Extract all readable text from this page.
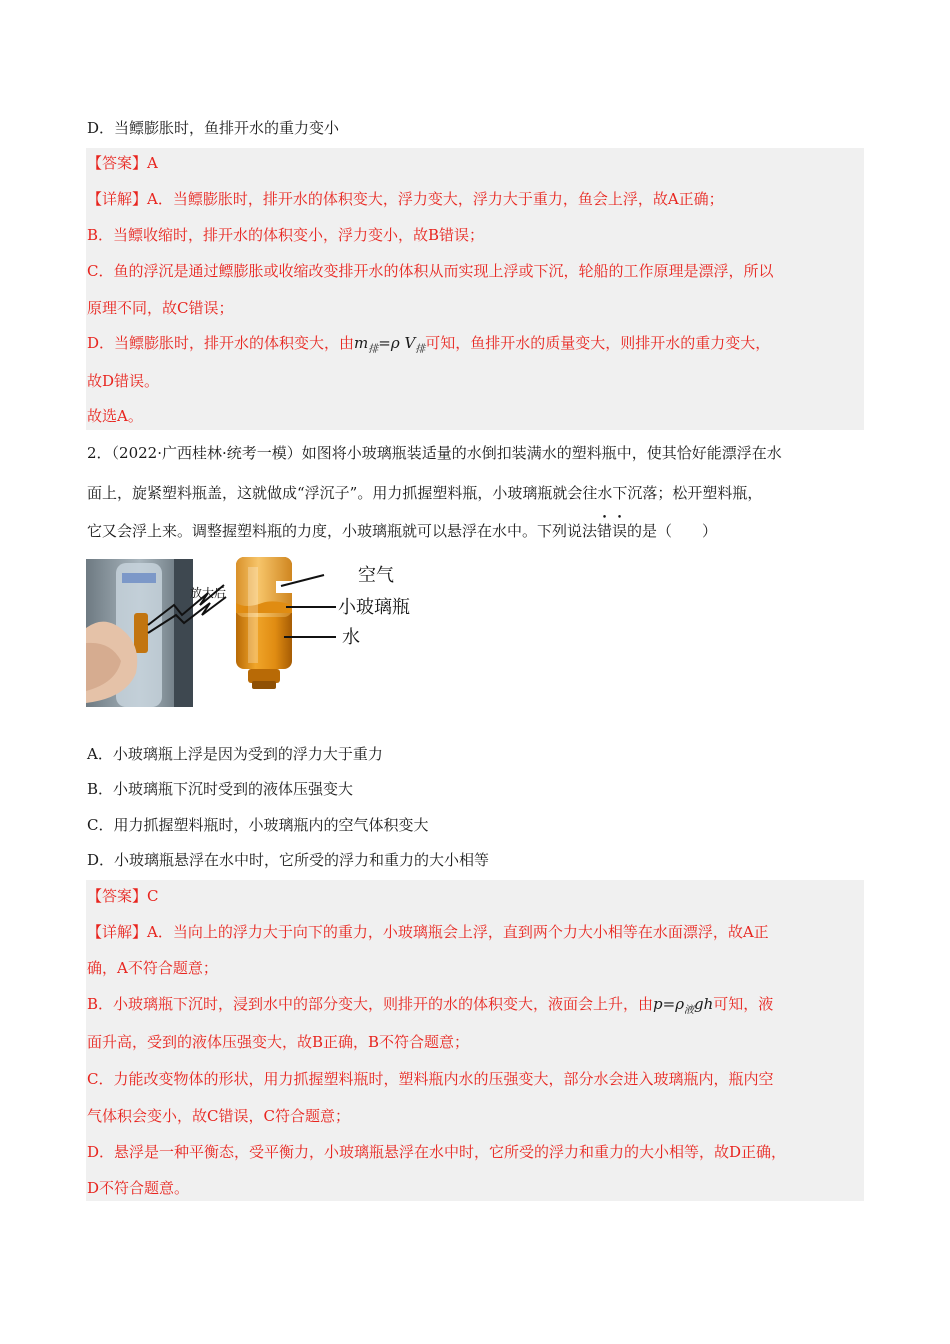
D．当鳔膨胀时，鱼排开水的重力变小
【答案】A
【详解】A．当鳔膨胀时，排开水的体积变大，浮力变大，浮力大于重力，鱼会上浮，故A正确；
B．当鳔收缩时，排开水的体积变小，浮力变小，故B错误；
C．鱼的浮沉是通过鳔膨胀或收缩改变排开水的体积从而实现上浮或下沉，轮船的工作原理是漂浮，所以
原理不同，故C错误；
D．当鳔膨胀时，排开水的体积变大，由$m_排=\rho$ $V_排$可知，鱼排开水的质量变大，则排开水的重力变大，
故D错误。
故选A。
2．（2022·广西桂林·统考一模）如图将小玻璃瓶装适量的水倒扣装满水的塑料瓶中，使其恰好能漂浮在水
面上，旋紧塑料瓶盖，这就做成“浮沉子”。用力抓握塑料瓶，小玻璃瓶就会往水下沉落；松开塑料瓶，
它又会浮上来。调整握塑料瓶的力度，小玻璃瓶就可以悬浮在水中。下列说法错误的是（　　）
放大后
空气
小玻璃瓶
水
A．小玻璃瓶上浮是因为受到的浮力大于重力
B．小玻璃瓶下沉时受到的液体压强变大
C．用力抓握塑料瓶时，小玻璃瓶内的空气体积变大
D．小玻璃瓶悬浮在水中时，它所受的浮力和重力的大小相等
【答案】C
【详解】A．当向上的浮力大于向下的重力，小玻璃瓶会上浮，直到两个力大小相等在水面漂浮，故A正
确，A不符合题意；
B．小玻璃瓶下沉时，浸到水中的部分变大，则排开的水的体积变大，液面会上升，由$p=\rho_液gh$可知，液
面升高，受到的液体压强变大，故B正确，B不符合题意；
C．力能改变物体的形状，用力抓握塑料瓶时，塑料瓶内水的压强变大，部分水会进入玻璃瓶内，瓶内空
气体积会变小，故C错误，C符合题意；
D．悬浮是一种平衡态，受平衡力，小玻璃瓶悬浮在水中时，它所受的浮力和重力的大小相等，故D正确，
D不符合题意。
